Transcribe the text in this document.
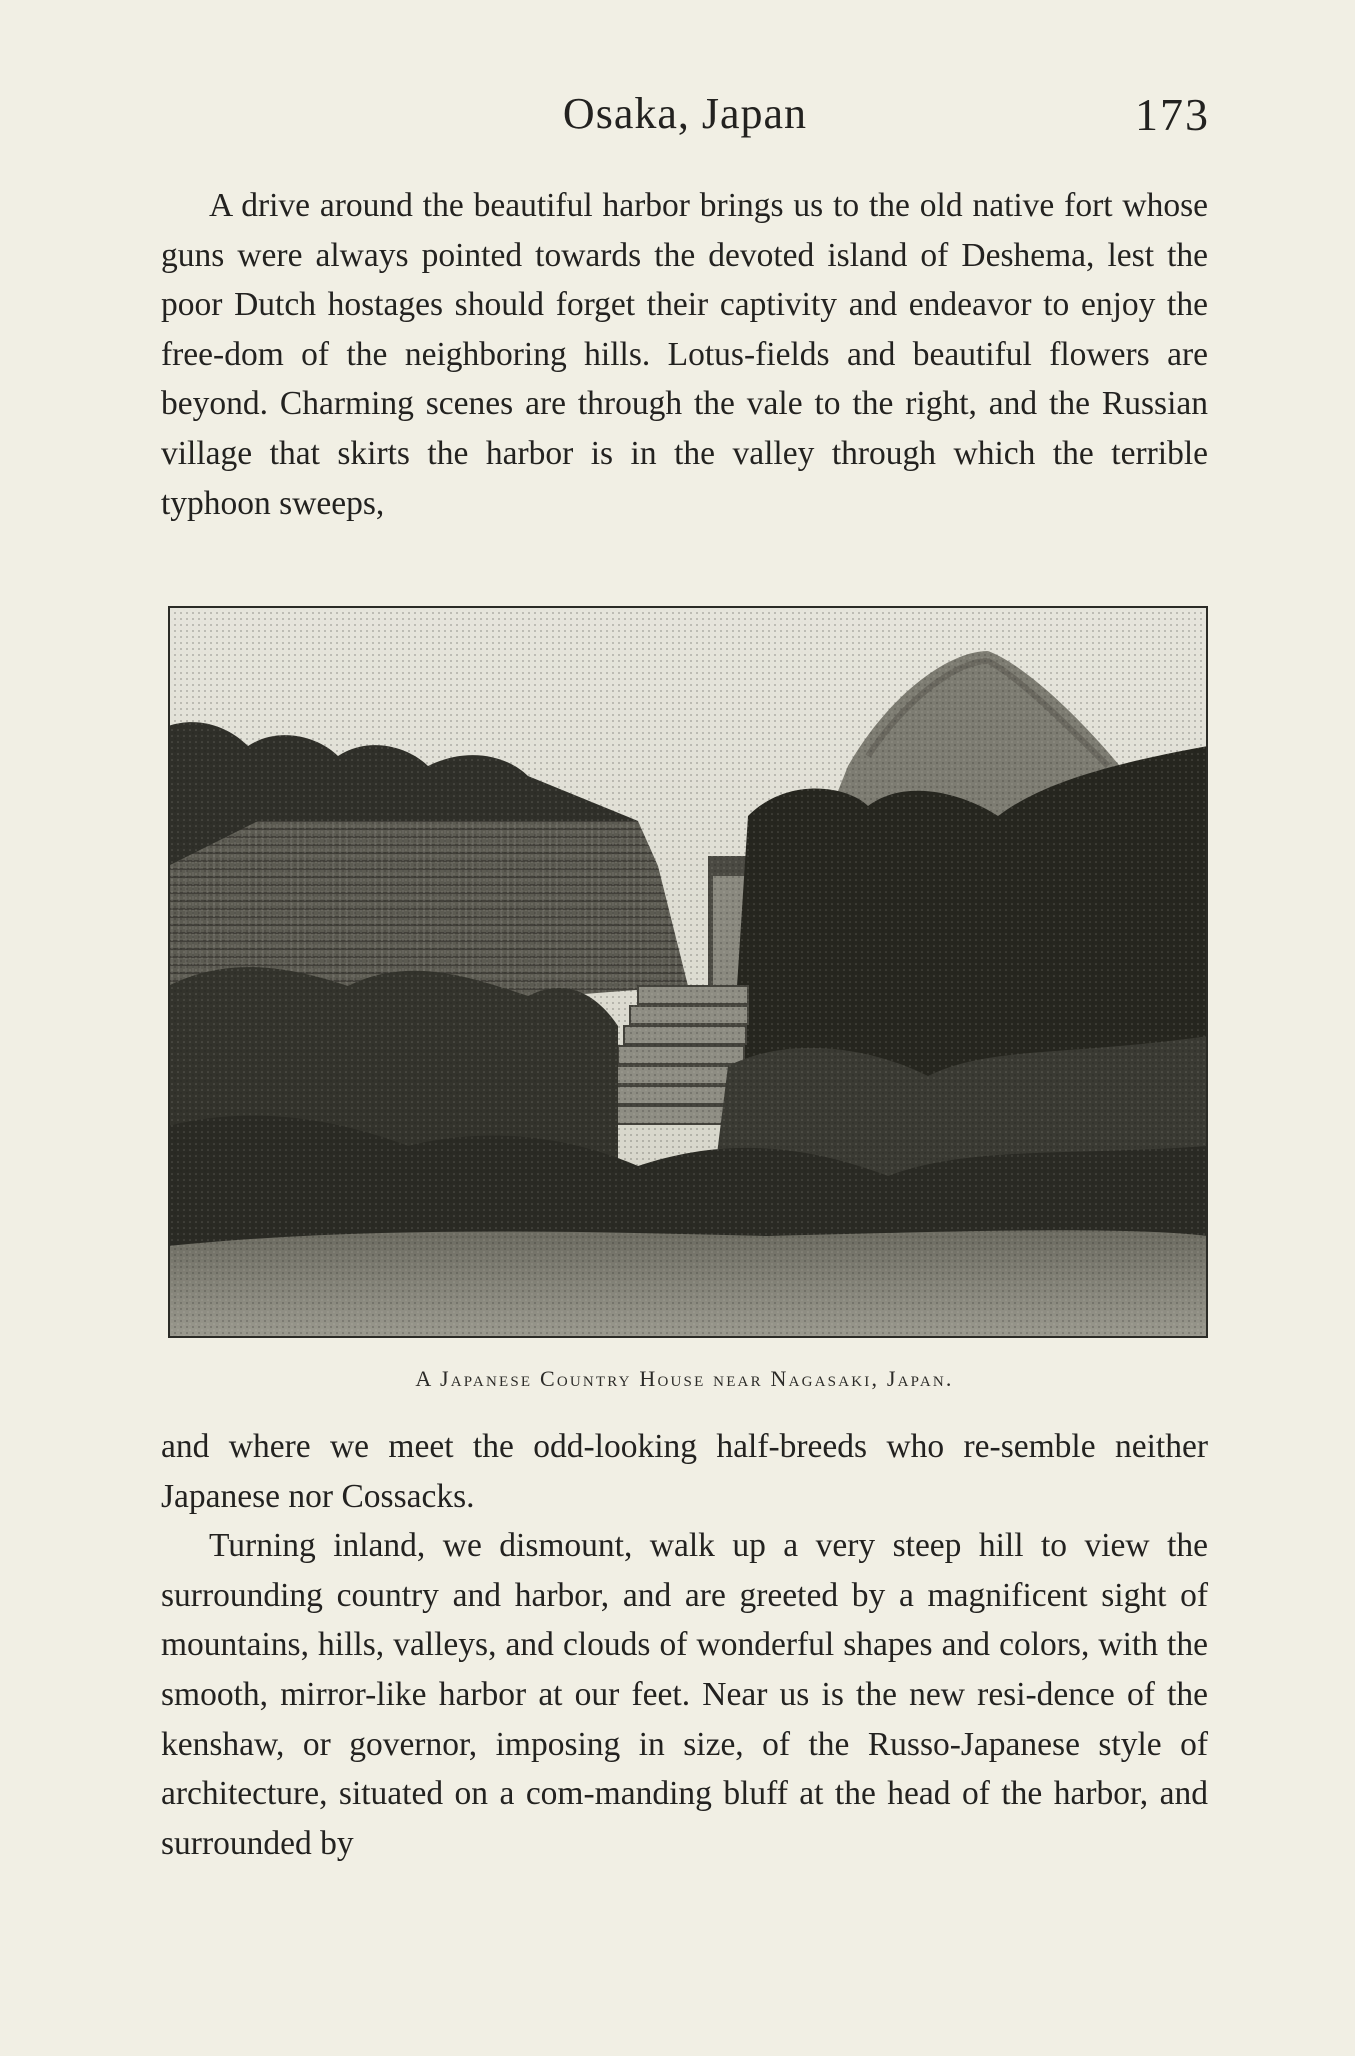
Osaka, Japan	173

A drive around the beautiful harbor brings us to the old native fort whose guns were always pointed towards the devoted island of Deshema, lest the poor Dutch hostages should forget their captivity and endeavor to enjoy the free-dom of the neighboring hills. Lotus-fields and beautiful flowers are beyond. Charming scenes are through the vale to the right, and the Russian village that skirts the harbor is in the valley through which the terrible typhoon sweeps,

A Japanese Country House near Nagasaki, Japan.

and where we meet the odd-looking half-breeds who re-semble neither Japanese nor Cossacks.

Turning inland, we dismount, walk up a very steep hill to view the surrounding country and harbor, and are greeted by a magnificent sight of mountains, hills, valleys, and clouds of wonderful shapes and colors, with the smooth, mirror-like harbor at our feet. Near us is the new resi-dence of the kenshaw, or governor, imposing in size, of the Russo-Japanese style of architecture, situated on a com-manding bluff at the head of the harbor, and surrounded by
